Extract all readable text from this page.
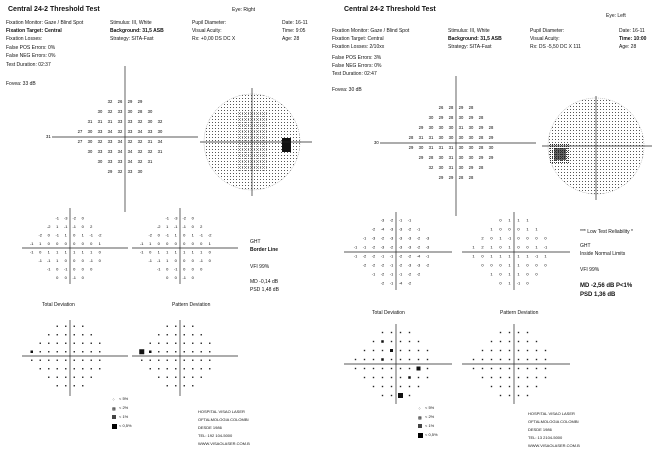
Central 24-2 Threshold Test	Eye: Right
Fixation Monitor: Gaze / Blind Spot
Fixation Target: Central
Fixation Losses:
False POS Errors: 0%
False NEG Errors: 0%
Test Duration: 02:37
Stimulus: III, White
Background: 31,5 ASB
Strategy: SITA-Fast
Pupil Diameter:
Visual Acuity:
Rx: +0,00 DS DC X
Date: 16-11
Time: 9:05
Age: 28
Fovea: 33 dB
32 26 29 29
30 32 33 30 28 30
31 31 31 33 33 32 30 32
27 30 33 34 32 33 34 33 30
27 30 32 33 34 32 32 31 34
30 33 33 34 34 32 32 31
30 33 33 34 32 31
29 32 33 30
31
-1 -3 -2 0
-2 1 -1 -1 0 2
-2 0 -1 1 0 1 -1 -2
-1 1 0 0 0 0 0 0 1
-1 0 1 1 1 1 1 1 0
-1 -1 1 0 0 0 -1 0
-1 0 -1 0 0 0
0 0 -1 0
-1 -3 -2 0
-2 1 -1 -1 0 2
-2 0 -1 1 0 1 -1 -2
-1 1 0 0 0 0 0 0 1
-1 0 1 1 1 1 1 1 0
-1 -1 1 0 0 0 -1 0
-1 0 -1 0 0 0
0 0 -1 0
GHT
Border Line
VFI 99%
MD -0,14 dB
PSD 1,48 dB
Total Deviation	Pattern Deviation
⁘ < 5%
▩ < 2%
< 1%
< 0,5%
HOSPITAL VISAO LASER
OFTALMOLOGIA COLOMBI
DESDE 1986
TEL: 192 104-5000
WWW.VISAOLASER.COM.B
Central 24-2 Threshold Test
Eye: Left
Fixation Monitor: Gaze / Blind Spot
Fixation Target: Central
Fixation Losses: 2/10xx
False POS Errors: 3%
False NEG Errors: 0%
Test Duration: 02:47
Stimulus: III, White
Background: 31,5 ASB
Strategy: SITA-Fast
Pupil Diameter:
Visual Acuity:
Rx: DS -5,50 DC X 111
Date: 16-11
Time: 10:00
Age: 28
Fovea: 30 dB
26 28 29 28
30 29 28 30 29 28
29 30 30 30 31 30 29 28
28 31 31 30 30 30 30 28 29
29 30 31 31 31 30 30 28 30
29 28 30 31 30 30 29 29
32 30 31 30 29 28
29 29 28 28
30
-3 -2 -1 -1
-2 -4 -3 -3 -2 -1
-1 -3 -2 -3 -3 -3 -2 -3
-1 -1 -2 -3 -2 -3 -3 -2 -3
-1 -2 -2 -1 -1 -2 -2 -4 -1
-2 -2 -2 -1 -2 -3 -3 -2
-1 -2 -1 -1 -2 -2
-2 -1 -4 -2
0 1 1 1
1 0 0 0 1 1
2 0 1 -1 0 0 0 0
1 2 1 0 1 0 0 1 -1
1 0 1 1 1 1 1 -1 1
0 0 0 1 1 0 0 0
1 0 1 1 0 0
0 1 -1 0
*** Low Test Reliability *
GHT
Inside Normal Limits
VFI 99%
MD -2,56 dB P<1%
PSD 1,36 dB
Total Deviation	Pattern Deviation
⁘ < 5%
▩ < 2%
< 1%
< 0,5%
HOSPITAL VISAO LASER
OFTALMOLOGIA COLOMBI
DESDE 1986
TEL: 13 2104-5000
WWW.VISAOLASER.COM.B
